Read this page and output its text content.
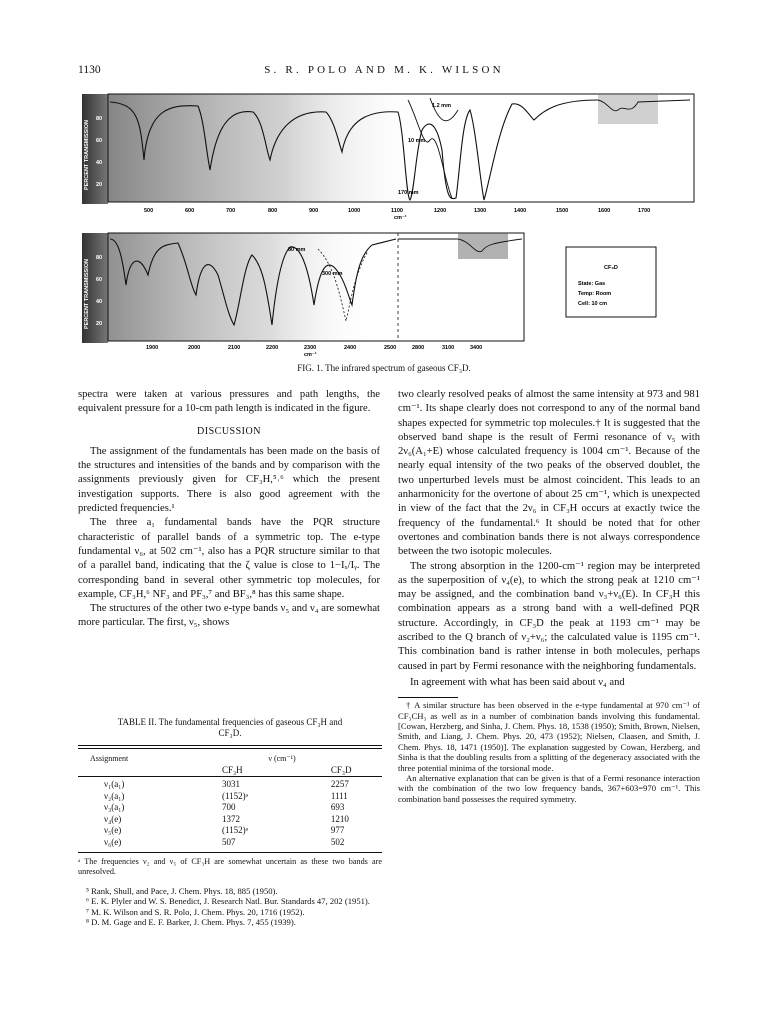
1130	S. R. POLO AND M. K. WILSON
80
60
40
20
PERCENT TRANSMISSION
500	600	700	800	900	1000	1100	1200	1300	1400	1500	1600	1700
cm⁻¹
1.2 mm
10 mm
170 mm
80
60
40
20
PERCENT TRANSMISSION
1900	2000	2100	2200	2300	2400	2500	2800	3100	3400
cm⁻¹
80 mm
300 mm
CF₃D
State: Gas
Temp: Room
Cell: 10 cm
FIG. 1. The infrared spectrum of gaseous CF₃D.

spectra were taken at various pressures and path lengths, the equivalent pressure for a 10-cm path length is indicated in the figure.

DISCUSSION

The assignment of the fundamentals has been made on the basis of the structures and intensities of the bands and by comparison with the assignments previously given for CF₃H,⁵˒⁶ which the present investigation supports. There is also good agreement with the predicted frequencies.¹

The three a₁ fundamental bands have the PQR structure characteristic of parallel bands of a symmetric top. The e-type fundamental ν₆, at 502 cm⁻¹, also has a PQR structure similar to that of a parallel band, indicating that the ζ value is close to 1−Iₓ/Iᵧ. The corresponding band in several other symmetric top molecules, for example, CF₃H,⁶ NF₃ and PF₃,⁷ and BF₃,⁸ has this same shape.

The structures of the other two e-type bands ν₅ and ν₄ are somewhat more particular. The first, ν₅, shows

TABLE II. The fundamental frequencies of gaseous CF₃H and CF₃D.
Assignment	ν (cm⁻¹)	
	CF₃H	CF₃D

ν₁(a₁)	3031	2257
ν₂(a₁)	(1152)ᵃ	1111
ν₃(a₁)	700	693
ν₄(e)	1372	1210
ν₅(e)	(1152)ᵃ	977
ν₆(e)	507	502
ᵃ The frequencies ν₂ and ν₅ of CF₃H are somewhat uncertain as these two bands are unresolved.

⁵ Rank, Shull, and Pace, J. Chem. Phys. 18, 885 (1950).

⁶ E. K. Plyler and W. S. Benedict, J. Research Natl. Bur. Standards 47, 202 (1951).

⁷ M. K. Wilson and S. R. Polo, J. Chem. Phys. 20, 1716 (1952).

⁸ D. M. Gage and E. F. Barker, J. Chem. Phys. 7, 455 (1939).

two clearly resolved peaks of almost the same intensity at 973 and 981 cm⁻¹. Its shape clearly does not correspond to any of the normal band shapes expected for symmetric top molecules.† It is suggested that the observed band shape is the result of Fermi resonance of ν₅ with 2ν₆(A₁+E) whose calculated frequency is 1004 cm⁻¹. Because of the nearly equal intensity of the two peaks of the observed doublet, the two unperturbed levels must be almost coincident. This leads to an anharmonicity for the overtone of about 25 cm⁻¹, which is unexpected in view of the fact that the 2ν₆ in CF₃H occurs at exactly twice the frequency of the fundamental.⁶ It should be noted that for other overtones and combination bands there is not always correspondence between the two isotopic molecules.

The strong absorption in the 1200-cm⁻¹ region may be interpreted as the superposition of ν₄(e), to which the strong peak at 1210 cm⁻¹ may be assigned, and the combination band ν₃+ν₆(E). In CF₃H this combination appears as a strong band with a well-defined PQR structure. Accordingly, in CF₃D the peak at 1193 cm⁻¹ may be ascribed to the Q branch of ν₂+ν₆; the calculated value is 1195 cm⁻¹. This combination band is rather intense in both molecules, perhaps caused in part by Fermi resonance with the neighboring fundamentals.

In agreement with what has been said about ν₄ and

† A similar structure has been observed in the e-type fundamental at 970 cm⁻¹ of CF₃CH₃ as well as in a number of combination bands involving this fundamental. [Cowan, Herzberg, and Sinha, J. Chem. Phys. 18, 1538 (1950); Smith, Brown, Nielsen, Smith, and Liang, J. Chem. Phys. 20, 473 (1952); Nielsen, Claasen, and Smith, J. Chem. Phys. 18, 1471 (1950)]. The explanation suggested by Cowan, Herzberg, and Sinha is that the doubling results from a splitting of the degeneracy associated with the three potential minima of the torsional mode.

An alternative explanation that can be given is that of a Fermi resonance interaction with the combination of the two low frequency bands, 367+603=970 cm⁻¹. This combination band possesses the required symmetry.
